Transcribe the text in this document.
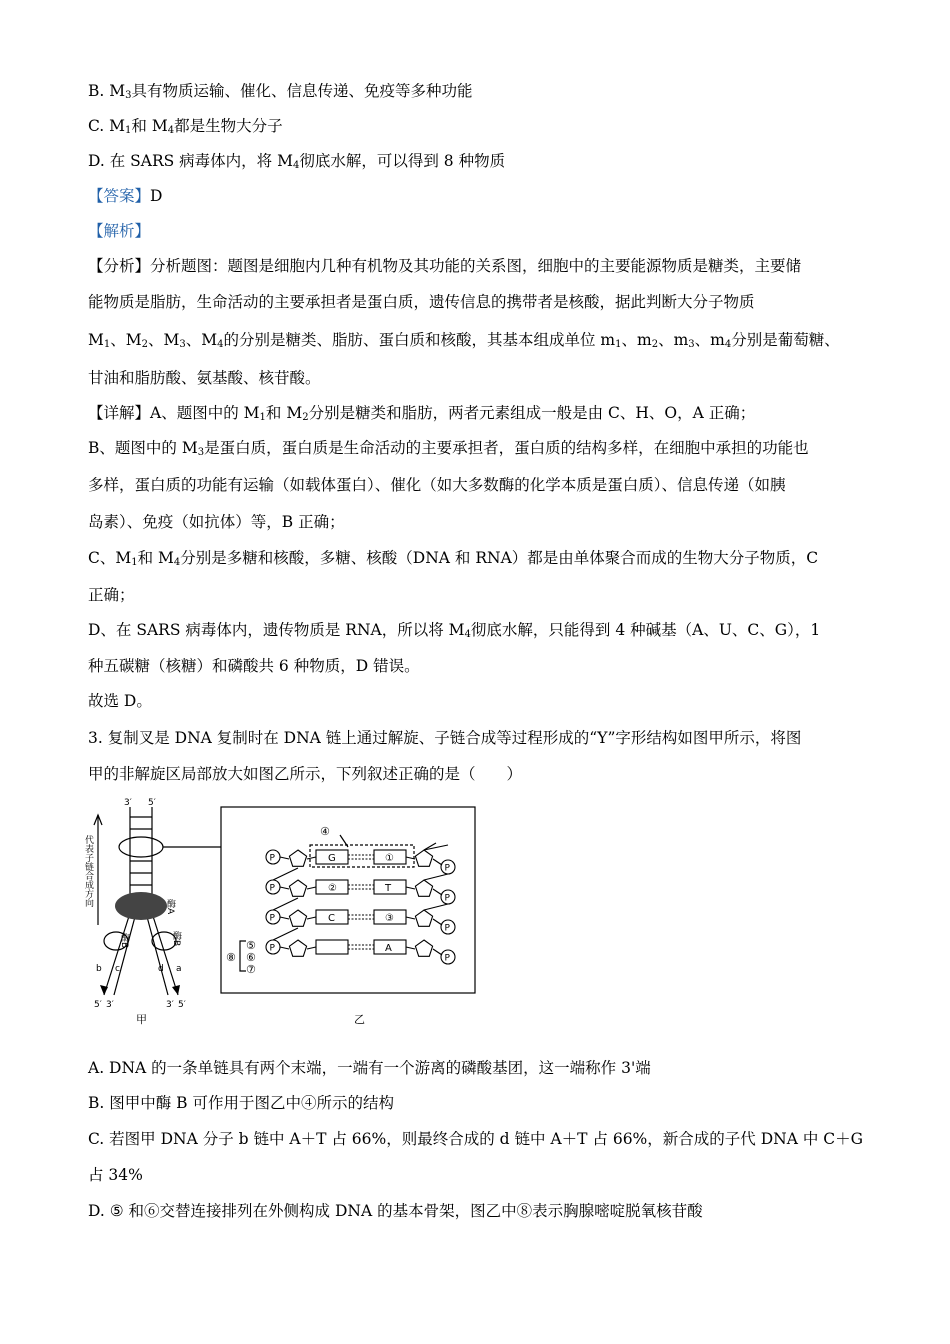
B. $M_3$具有物质运输、催化、信息传递、免疫等多种功能
C. $M_1$和 $M_4$都是生物大分子
D. 在 SARS 病毒体内，将 $M_4$彻底水解，可以得到 8 种物质
【答案】D
【解析】
【分析】分析题图：题图是细胞内几种有机物及其功能的关系图，细胞中的主要能源物质是糖类，主要储
能物质是脂肪，生命活动的主要承担者是蛋白质，遗传信息的携带者是核酸，据此判断大分子物质
$M_1$、$M_2$、$M_3$、$M_4$的分别是糖类、脂肪、蛋白质和核酸，其基本组成单位 $m_1$、$m_2$、$m_3$、$m_4$分别是葡萄糖、
甘油和脂肪酸、氨基酸、核苷酸。
【详解】A、题图中的 $M_1$和 $M_2$分别是糖类和脂肪，两者元素组成一般是由 C、H、O，A 正确；
B、题图中的 $M_3$是蛋白质，蛋白质是生命活动的主要承担者，蛋白质的结构多样，在细胞中承担的功能也
多样，蛋白质的功能有运输（如载体蛋白）、催化（如大多数酶的化学本质是蛋白质）、信息传递（如胰
岛素）、免疫（如抗体）等，B 正确；
C、$M_1$和 $M_4$分别是多糖和核酸，多糖、核酸（DNA 和 RNA）都是由单体聚合而成的生物大分子物质，C
正确；
D、在 SARS 病毒体内，遗传物质是 RNA，所以将 $M_4$彻底水解，只能得到 4 种碱基（A、U、C、G），1
种五碳糖（核糖）和磷酸共 6 种物质，D 错误。
故选 D。
3. 复制叉是 DNA 复制时在 DNA 链上通过解旋、子链合成等过程形成的“Y”字形结构如图甲所示，将图
甲的非解旋区局部放大如图乙所示，下列叙述正确的是（　　）
P	G	①
P
P	②	T
P
P	C	③
P
P	A
P
3′ 5′
代表子链合成方向	酶A
酶B	酶B
b c	d a
5′ 3′	3′ 5′
甲	乙
④
⑤
⑥
⑦
⑧
A. DNA 的一条单链具有两个末端，一端有一个游离的磷酸基团，这一端称作 3'端
B. 图甲中酶 B 可作用于图乙中④所示的结构
C. 若图甲 DNA 分子 b 链中 A＋T 占 66%，则最终合成的 d 链中 A＋T 占 66%，新合成的子代 DNA 中 C＋G
占 34%
D. ⑤ 和⑥交替连接排列在外侧构成 DNA 的基本骨架，图乙中⑧表示胸腺嘧啶脱氧核苷酸
